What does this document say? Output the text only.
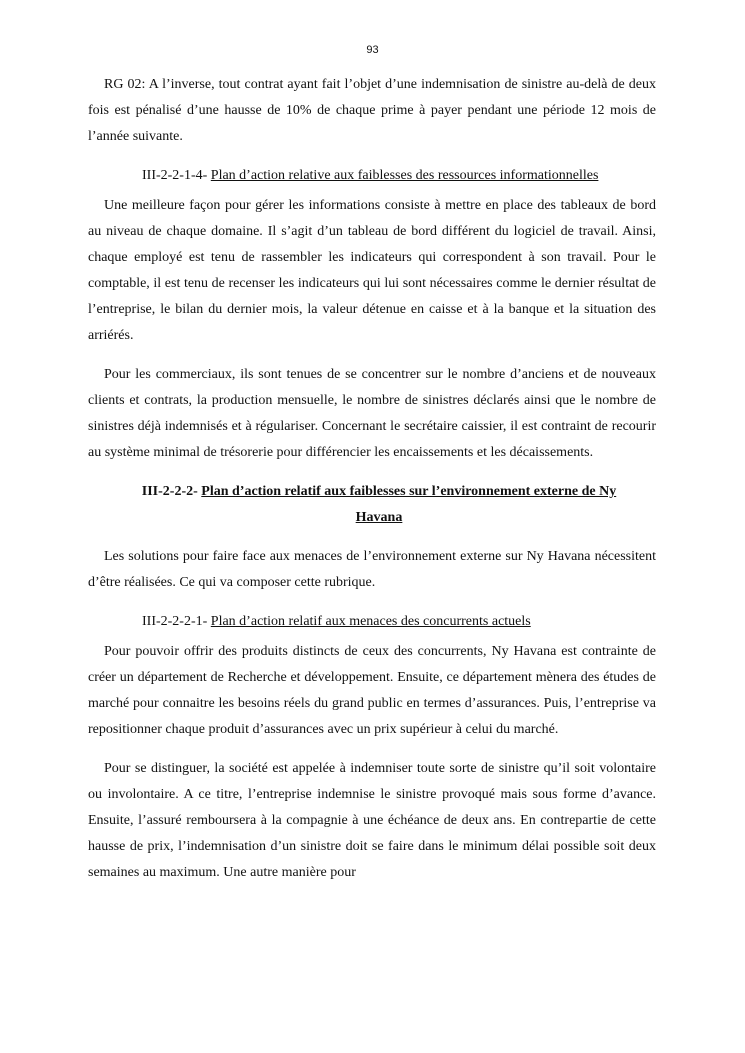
93

RG 02: A l’inverse, tout contrat ayant fait l’objet d’une indemnisation de sinistre au-delà de deux fois est pénalisé d’une hausse de 10% de chaque prime à payer pendant une période 12 mois de l’année suivante.

III-2-2-1-4- Plan d’action relative aux faiblesses des ressources informationnelles

Une meilleure façon pour gérer les informations consiste à mettre en place des tableaux de bord au niveau de chaque domaine. Il s’agit d’un tableau de bord différent du logiciel de travail. Ainsi, chaque employé est tenu de rassembler les indicateurs qui correspondent à son travail. Pour le comptable, il est tenu de recenser les indicateurs qui lui sont nécessaires comme le dernier résultat de l’entreprise, le bilan du dernier mois, la valeur détenue en caisse et à la banque et la situation des arriérés.

Pour les commerciaux, ils sont tenues de se concentrer sur le nombre d’anciens et de nouveaux clients et contrats, la production mensuelle, le nombre de sinistres déclarés ainsi que le nombre de sinistres déjà indemnisés et à régulariser. Concernant le secrétaire caissier, il est contraint de recourir au système minimal de trésorerie pour différencier les encaissements et les décaissements.

III-2-2-2- Plan d’action relatif aux faiblesses sur l’environnement externe de Ny Havana

Les solutions pour faire face aux menaces de l’environnement externe sur Ny Havana nécessitent d’être réalisées. Ce qui va composer cette rubrique.

III-2-2-2-1- Plan d’action relatif aux menaces des concurrents actuels

Pour pouvoir offrir des produits distincts de ceux des concurrents, Ny Havana est contrainte de créer un département de Recherche et développement. Ensuite, ce département mènera des études de marché pour connaitre les besoins réels du grand public en termes d’assurances. Puis, l’entreprise va repositionner chaque produit d’assurances avec un prix supérieur à celui du marché.

Pour se distinguer, la société est appelée à indemniser toute sorte de sinistre qu’il soit volontaire ou involontaire. A ce titre, l’entreprise indemnise le sinistre provoqué mais sous forme d’avance. Ensuite, l’assuré remboursera à la compagnie à une échéance de deux ans. En contrepartie de cette hausse de prix, l’indemnisation d’un sinistre doit se faire dans le minimum délai possible soit deux semaines au maximum. Une autre manière pour
